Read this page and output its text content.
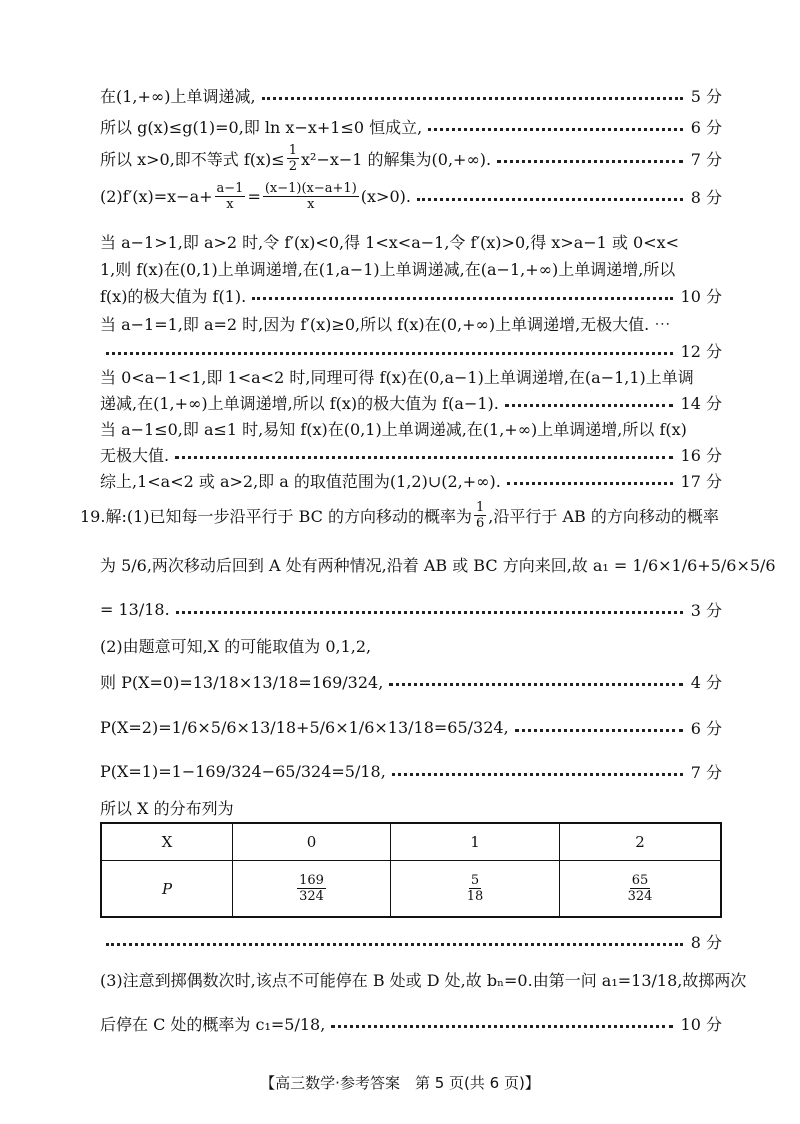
在(1,+∞)上单调递减,	5 分
所以 g(x)≤g(1)=0,即 ln x−x+1≤0 恒成立,	6 分
所以 x>0,即不等式 $f(x)\le \frac{1}{2} x^2-x-1$ 的解集为(0,+∞).	7 分
$(2)f'(x)=x-a+ \frac{a-1}{x} = \frac{(x-1)(x-a+1)}{x} (x>0)$.	8 分
当 a−1>1,即 a>2 时,令 f′(x)<0,得 1<x<a−1,令 f′(x)>0,得 x>a−1 或 0<x<
1,则 f(x)在(0,1)上单调递增,在(1,a−1)上单调递减,在(a−1,+∞)上单调递增,所以
f(x)的极大值为 f(1).	10 分
当 a−1=1,即 a=2 时,因为 f′(x)≥0,所以 f(x)在(0,+∞)上单调递增,无极大值. ⋯
12 分
当 0<a−1<1,即 1<a<2 时,同理可得 f(x)在(0,a−1)上单调递增,在(a−1,1)上单调
递减,在(1,+∞)上单调递增,所以 f(x)的极大值为 f(a−1).	14 分
当 a−1≤0,即 a≤1 时,易知 f(x)在(0,1)上单调递减,在(1,+∞)上单调递增,所以 f(x)
无极大值.	16 分
综上,1<a<2 或 a>2,即 a 的取值范围为(1,2)∪(2,+∞).	17 分
19.解:(1)已知每一步沿平行于 BC 的方向移动的概率为 $\frac{1}{6}$ ,沿平行于 AB 的方向移动的概率
为 5/6,两次移动后回到 A 处有两种情况,沿着 AB 或 BC 方向来回,故 a₁ = 1/6×1/6+5/6×5/6
= 13/18.	3 分
(2)由题意可知,X 的可能取值为 0,1,2,
则 P(X=0)=13/18×13/18=169/324,	4 分
P(X=2)=1/6×5/6×13/18+5/6×1/6×13/18=65/324,	6 分
P(X=1)=1−169/324−65/324=5/18,	7 分
所以 X 的分布列为
X	0	1	2
P	$\frac{169}{324}$	$\frac{5}{18}$	$\frac{65}{324}$
8 分
(3)注意到掷偶数次时,该点不可能停在 B 处或 D 处,故 bₙ=0.由第一问 a₁=13/18,故掷两次
后停在 C 处的概率为 c₁=5/18,	10 分
【高三数学·参考答案　第 5 页(共 6 页)】
